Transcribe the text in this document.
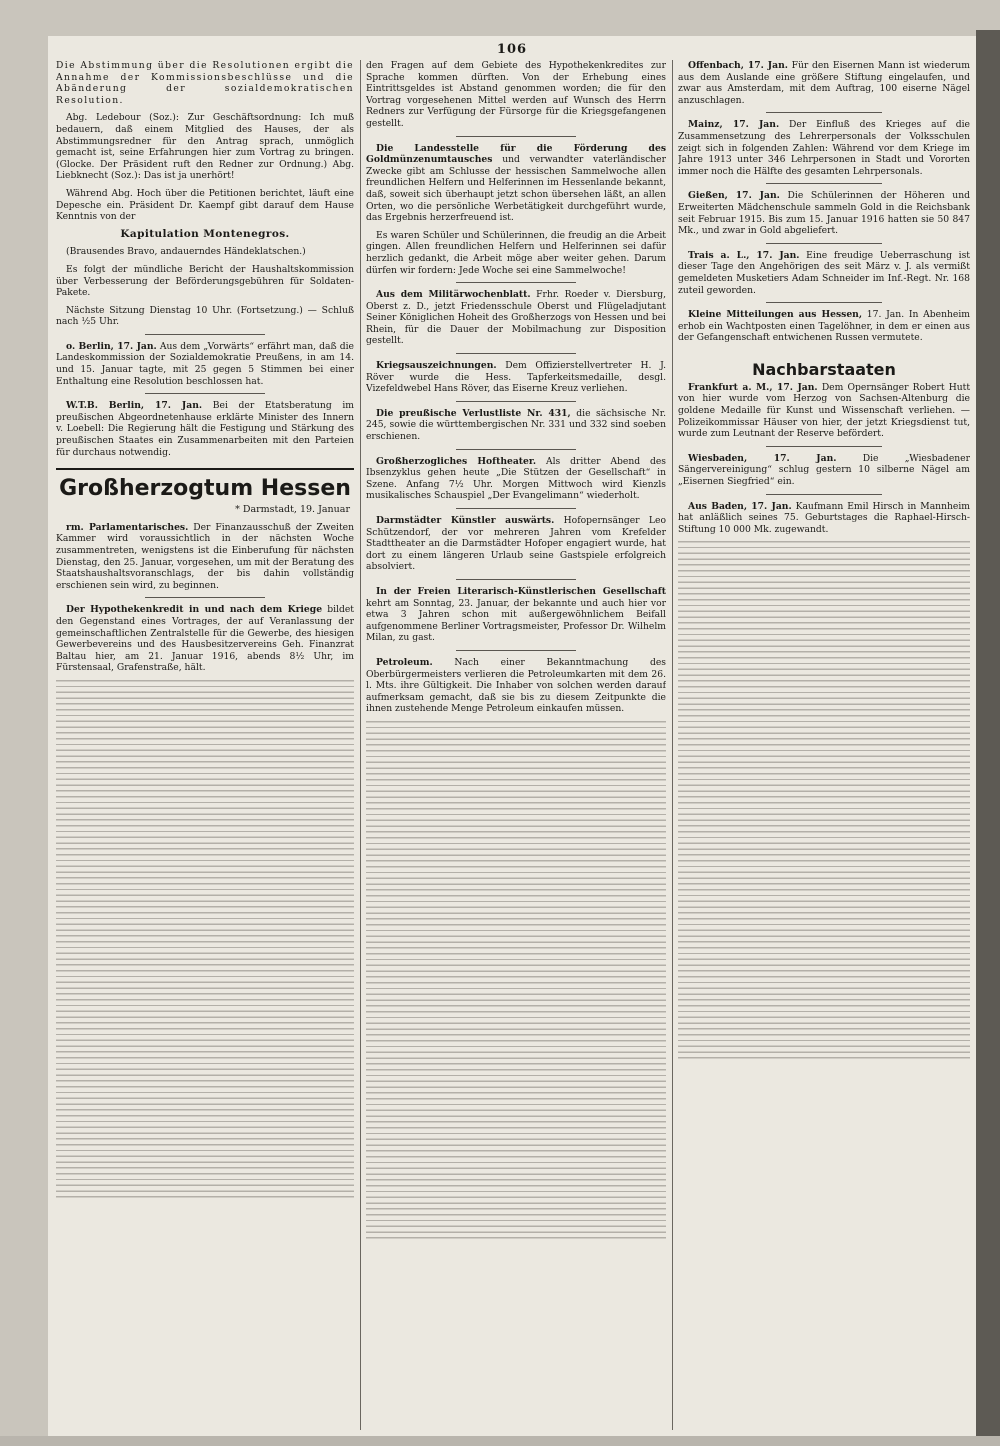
106

Die Abstimmung über die Resolutionen ergibt die Annahme der Kommissionsbeschlüsse und die Abänderung der sozialdemokratischen Resolution.

Abg. Ledebour (Soz.): Zur Geschäftsordnung: Ich muß bedauern, daß einem Mitglied des Hauses, der als Abstimmungsredner für den Antrag sprach, unmöglich gemacht ist, seine Erfahrungen hier zum Vortrag zu bringen. (Glocke. Der Präsident ruft den Redner zur Ordnung.) Abg. Liebknecht (Soz.): Das ist ja unerhört!

Während Abg. Hoch über die Petitionen berichtet, läuft eine Depesche ein. Präsident Dr. Kaempf gibt darauf dem Hause Kenntnis von der

Kapitulation Montenegros.

(Brausendes Bravo, andauerndes Händeklatschen.)

Es folgt der mündliche Bericht der Haushaltskommission über Verbesserung der Beförderungsgebühren für Soldaten-Pakete.

Nächste Sitzung Dienstag 10 Uhr. (Fortsetzung.) — Schluß nach ½5 Uhr.

o. Berlin, 17. Jan. Aus dem „Vorwärts“ erfährt man, daß die Landeskommission der Sozialdemokratie Preußens, in am 14. und 15. Januar tagte, mit 25 gegen 5 Stimmen bei einer Enthaltung eine Resolution beschlossen hat.

W.T.B. Berlin, 17. Jan. Bei der Etatsberatung im preußischen Abgeordnetenhause erklärte Minister des Innern v. Loebell: Die Regierung hält die Festigung und Stärkung des preußischen Staates ein Zusammenarbeiten mit den Parteien für durchaus notwendig.

Großherzogtum Hessen
* Darmstadt, 19. Januar

rm. Parlamentarisches. Der Finanzausschuß der Zweiten Kammer wird voraussichtlich in der nächsten Woche zusammentreten, wenigstens ist die Einberufung für nächsten Dienstag, den 25. Januar, vorgesehen, um mit der Beratung des Staatshaushaltsvoranschlags, der bis dahin vollständig erschienen sein wird, zu beginnen.

Der Hypothekenkredit in und nach dem Kriege bildet den Gegenstand eines Vortrages, der auf Veranlassung der gemeinschaftlichen Zentralstelle für die Gewerbe, des hiesigen Gewerbevereins und des Hausbesitzervereins Geh. Finanzrat Baltau hier, am 21. Januar 1916, abends 8½ Uhr, im Fürstensaal, Grafenstraße, hält.

den Fragen auf dem Gebiete des Hypothekenkredites zur Sprache kommen dürften. Von der Erhebung eines Eintrittsgeldes ist Abstand genommen worden; die für den Vortrag vorgesehenen Mittel werden auf Wunsch des Herrn Redners zur Verfügung der Fürsorge für die Kriegsgefangenen gestellt.

Die Landesstelle für die Förderung des Goldmünzenumtausches und verwandter vaterländischer Zwecke gibt am Schlusse der hessischen Sammelwoche allen freundlichen Helfern und Helferinnen im Hessenlande bekannt, daß, soweit sich überhaupt jetzt schon übersehen läßt, an allen Orten, wo die persönliche Werbetätigkeit durchgeführt wurde, das Ergebnis herzerfreuend ist.

Es waren Schüler und Schülerinnen, die freudig an die Arbeit gingen. Allen freundlichen Helfern und Helferinnen sei dafür herzlich gedankt, die Arbeit möge aber weiter gehen. Darum dürfen wir fordern: Jede Woche sei eine Sammelwoche!

Aus dem Militärwochenblatt. Frhr. Roeder v. Diersburg, Oberst z. D., jetzt Friedensschule Oberst und Flügeladjutant Seiner Königlichen Hoheit des Großherzogs von Hessen und bei Rhein, für die Dauer der Mobilmachung zur Disposition gestellt.

Kriegsauszeichnungen. Dem Offizierstellvertreter H. J. Röver wurde die Hess. Tapferkeitsmedaille, desgl. Vizefeldwebel Hans Röver, das Eiserne Kreuz verliehen.

Die preußische Verlustliste Nr. 431, die sächsische Nr. 245, sowie die württembergischen Nr. 331 und 332 sind soeben erschienen.

Großherzogliches Hoftheater. Als dritter Abend des Ibsenzyklus gehen heute „Die Stützen der Gesellschaft“ in Szene. Anfang 7½ Uhr. Morgen Mittwoch wird Kienzls musikalisches Schauspiel „Der Evangelimann“ wiederholt.

Darmstädter Künstler auswärts. Hofopernsänger Leo Schützendorf, der vor mehreren Jahren vom Krefelder Stadttheater an die Darmstädter Hofoper engagiert wurde, hat dort zu einem längeren Urlaub seine Gastspiele erfolgreich absolviert.

In der Freien Literarisch-Künstlerischen Gesellschaft kehrt am Sonntag, 23. Januar, der bekannte und auch hier vor etwa 3 Jahren schon mit außergewöhnlichem Beifall aufgenommene Berliner Vortragsmeister, Professor Dr. Wilhelm Milan, zu gast.

Petroleum. Nach einer Bekanntmachung des Oberbürgermeisters verlieren die Petroleumkarten mit dem 26. l. Mts. ihre Gültigkeit. Die Inhaber von solchen werden darauf aufmerksam gemacht, daß sie bis zu diesem Zeitpunkte die ihnen zustehende Menge Petroleum einkaufen müssen.

Offenbach, 17. Jan. Für den Eisernen Mann ist wiederum aus dem Auslande eine größere Stiftung eingelaufen, und zwar aus Amsterdam, mit dem Auftrag, 100 eiserne Nägel anzuschlagen.

Mainz, 17. Jan. Der Einfluß des Krieges auf die Zusammensetzung des Lehrerpersonals der Volksschulen zeigt sich in folgenden Zahlen: Während vor dem Kriege im Jahre 1913 unter 346 Lehrpersonen in Stadt und Vororten immer noch die Hälfte des gesamten Lehrpersonals.

Gießen, 17. Jan. Die Schülerinnen der Höheren und Erweiterten Mädchenschule sammeln Gold in die Reichsbank seit Februar 1915. Bis zum 15. Januar 1916 hatten sie 50 847 Mk., und zwar in Gold abgeliefert.

Trais a. L., 17. Jan. Eine freudige Ueberraschung ist dieser Tage den Angehörigen des seit März v. J. als vermißt gemeldeten Musketiers Adam Schneider im Inf.-Regt. Nr. 168 zuteil geworden.

Kleine Mitteilungen aus Hessen, 17. Jan. In Abenheim erhob ein Wachtposten einen Tagelöhner, in dem er einen aus der Gefangenschaft entwichenen Russen vermutete.

Nachbarstaaten

Frankfurt a. M., 17. Jan. Dem Opernsänger Robert Hutt von hier wurde vom Herzog von Sachsen-Altenburg die goldene Medaille für Kunst und Wissenschaft verliehen. — Polizeikommissar Häuser von hier, der jetzt Kriegsdienst tut, wurde zum Leutnant der Reserve befördert.

Wiesbaden, 17. Jan.	Die „Wiesbadener Sängervereinigung“ schlug gestern 10 silberne Nägel am „Eisernen Siegfried“ ein.

Aus Baden, 17. Jan. Kaufmann Emil Hirsch in Mannheim hat anläßlich seines 75. Geburtstages die Raphael-Hirsch-Stiftung 10 000 Mk. zugewandt.
